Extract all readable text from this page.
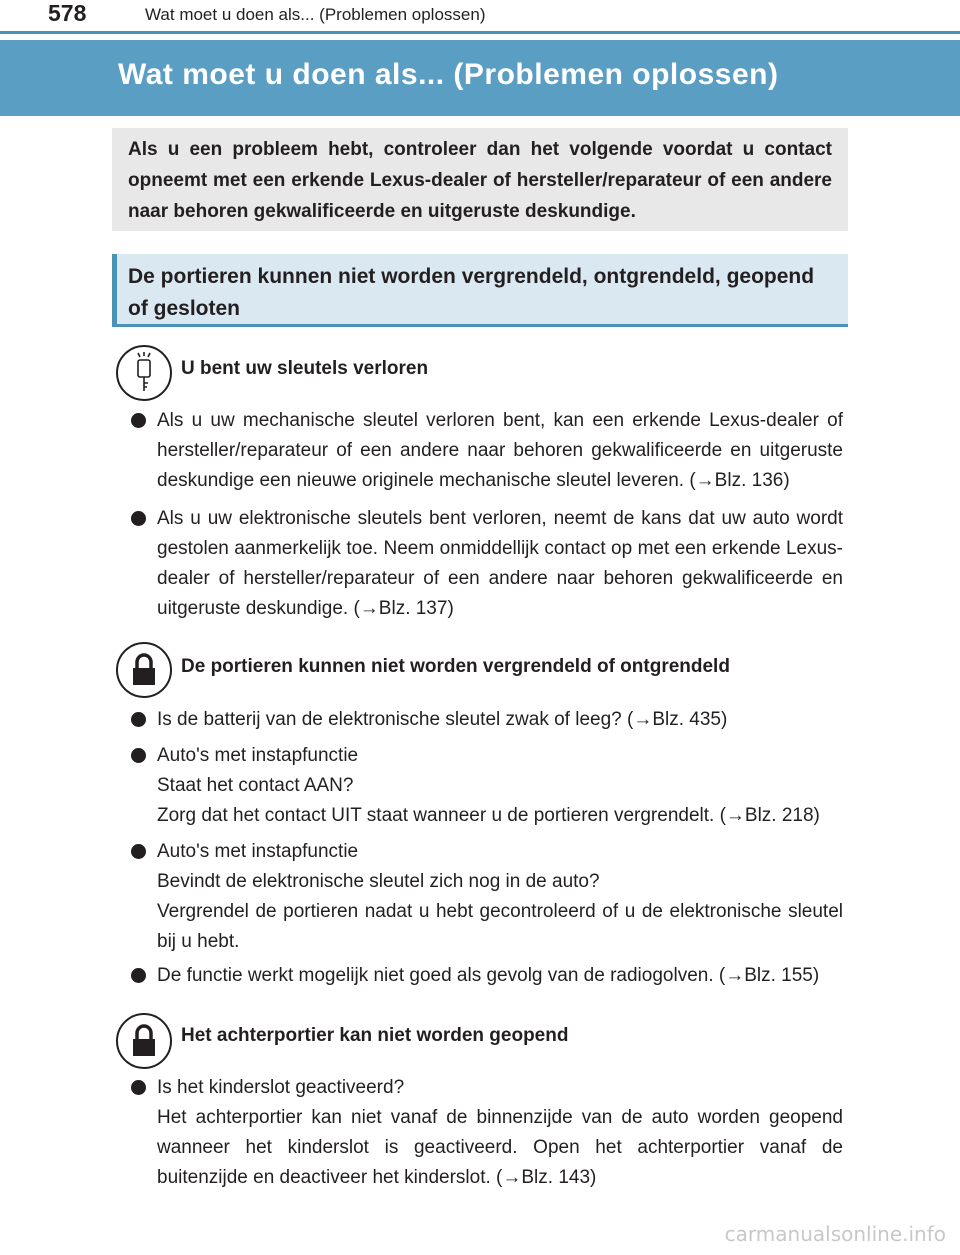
578	Wat moet u doen als... (Problemen oplossen)
Wat moet u doen als... (Problemen oplossen)
Als u een probleem hebt, controleer dan het volgende voordat u contact opneemt met een erkende Lexus-dealer of hersteller/reparateur of een andere naar behoren gekwalificeerde en uitgeruste deskundige.
De portieren kunnen niet worden vergrendeld, ontgrendeld, geopend of gesloten
U bent uw sleutels verloren
Als u uw mechanische sleutel verloren bent, kan een erkende Lexus-dealer of hersteller/reparateur of een andere naar behoren gekwalificeerde en uitgeruste deskundige een nieuwe originele mechanische sleutel leveren. (→Blz. 136)
Als u uw elektronische sleutels bent verloren, neemt de kans dat uw auto wordt gestolen aanmerkelijk toe. Neem onmiddellijk contact op met een erkende Lexus-dealer of hersteller/reparateur of een andere naar behoren gekwalificeerde en uitgeruste deskundige. (→Blz. 137)
De portieren kunnen niet worden vergrendeld of ontgrendeld
Is de batterij van de elektronische sleutel zwak of leeg? (→Blz. 435)
Auto's met instapfunctie
Staat het contact AAN?
Zorg dat het contact UIT staat wanneer u de portieren vergrendelt. (→Blz. 218)
Auto's met instapfunctie
Bevindt de elektronische sleutel zich nog in de auto?
Vergrendel de portieren nadat u hebt gecontroleerd of u de elektronische sleutel bij u hebt.
De functie werkt mogelijk niet goed als gevolg van de radiogolven. (→Blz. 155)
Het achterportier kan niet worden geopend
Is het kinderslot geactiveerd?
Het achterportier kan niet vanaf de binnenzijde van de auto worden geopend wanneer het kinderslot is geactiveerd. Open het achterportier vanaf de buitenzijde en deactiveer het kinderslot. (→Blz. 143)
carmanualsonline.info
